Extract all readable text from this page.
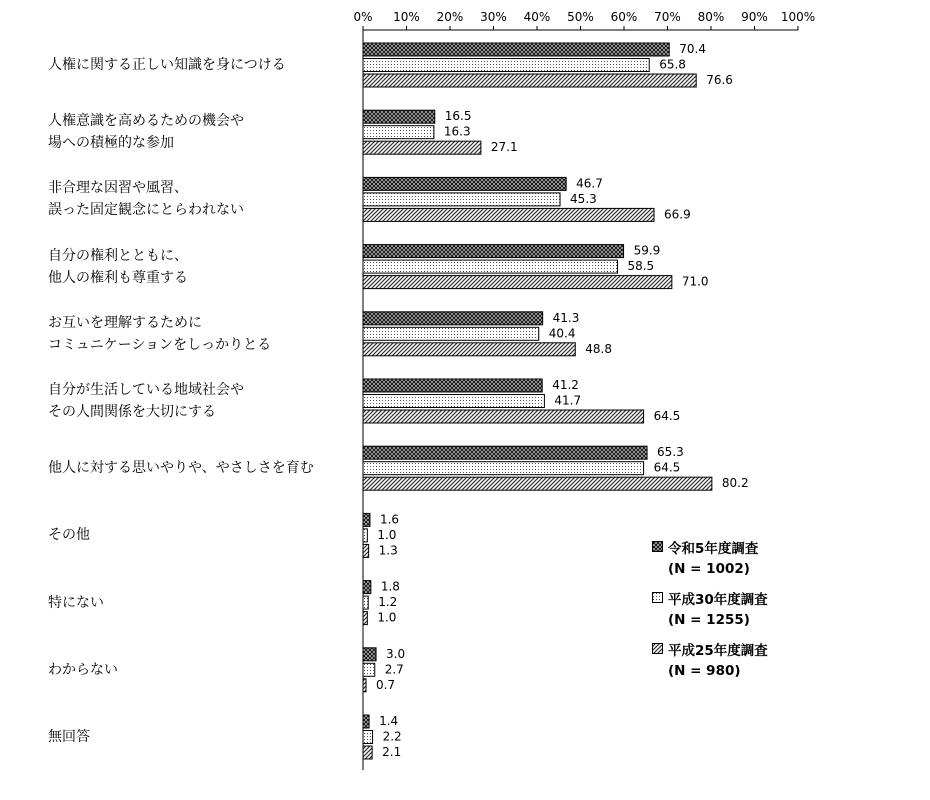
0% 10% 20% 30% 40% 50% 60% 70% 80% 90% 100%
70.4
65.8
76.6
16.5
16.3
27.1
46.7
45.3
66.9
59.9
58.5
71.0
41.3
40.4
48.8
41.2
41.7
64.5
65.3
64.5
80.2
1.6
1.0
1.3
1.8
1.2
1.0
3.0
2.7
0.7
1.4
2.2
2.1
人権に関する正しい知識を身につける
人権意識を高めるための機会や
場への積極的な参加
非合理な因習や風習、
誤った固定観念にとらわれない
自分の権利とともに、
他人の権利も尊重する
お互いを理解するために
コミュニケーションをしっかりとる
自分が生活している地域社会や
その人間関係を大切にする
他人に対する思いやりや、やさしさを育む
その他
特にない
わからない
無回答
令和5年度調査
(N = 1002)
平成30年度調査
(N = 1255)
平成25年度調査
(N = 980)
